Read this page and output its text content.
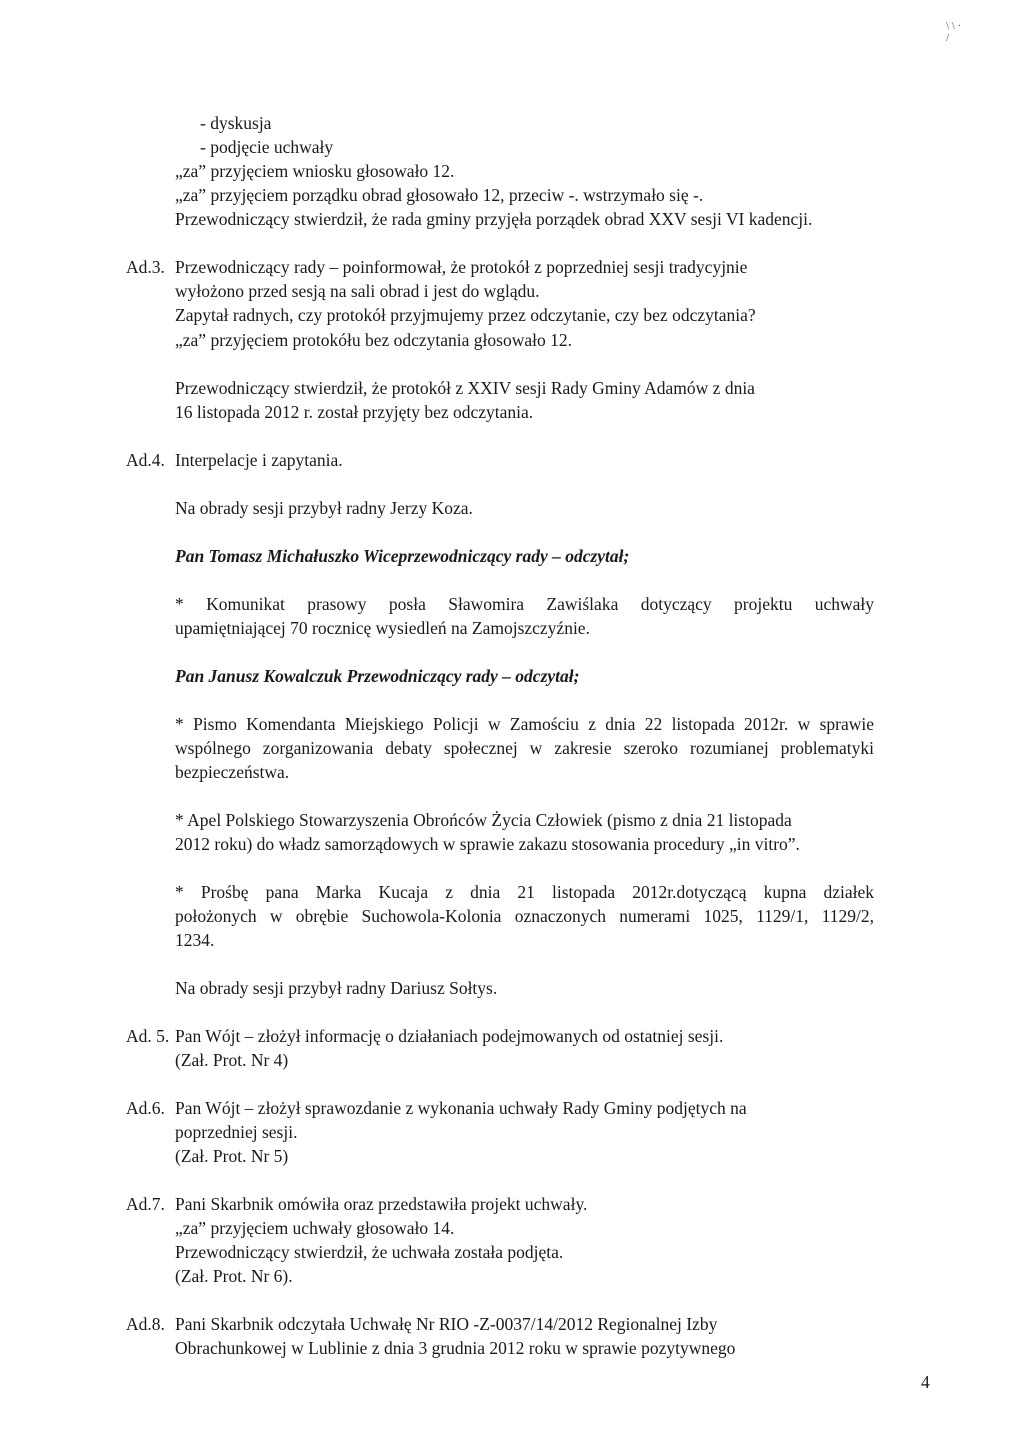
\ \ ·
/
- dyskusja
- podjęcie uchwały
„za” przyjęciem wniosku głosowało 12.
„za” przyjęciem porządku obrad głosowało 12, przeciw -. wstrzymało się -.
Przewodniczący stwierdził, że rada gminy przyjęła porządek obrad XXV sesji VI kadencji.
Ad.3. Przewodniczący rady – poinformował, że protokół z poprzedniej sesji tradycyjnie
wyłożono przed sesją na sali obrad i jest do wglądu.
Zapytał radnych, czy protokół przyjmujemy przez odczytanie, czy bez odczytania?
„za” przyjęciem protokółu bez odczytania głosowało 12.
Przewodniczący stwierdził, że protokół z XXIV sesji Rady Gminy Adamów z dnia
16 listopada 2012 r. został przyjęty bez odczytania.
Ad.4. Interpelacje i zapytania.
Na obrady sesji przybył radny Jerzy Koza.
Pan Tomasz Michałuszko Wiceprzewodniczący rady – odczytał;
* Komunikat prasowy posła Sławomira Zawiślaka dotyczący projektu uchwały
upamiętniającej 70 rocznicę wysiedleń na Zamojszczyźnie.
Pan Janusz Kowalczuk Przewodniczący rady – odczytał;
* Pismo Komendanta Miejskiego Policji w Zamościu z dnia 22 listopada 2012r. w sprawie
wspólnego zorganizowania debaty społecznej w zakresie szeroko rozumianej problematyki
bezpieczeństwa.
* Apel Polskiego Stowarzyszenia Obrońców Życia Człowiek (pismo z dnia 21 listopada
2012 roku) do władz samorządowych w sprawie zakazu stosowania procedury „in vitro”.
* Prośbę pana Marka Kucaja z dnia 21 listopada 2012r.dotyczącą kupna działek
położonych w obrębie Suchowola-Kolonia oznaczonych numerami 1025, 1129/1, 1129/2,
1234.
Na obrady sesji przybył radny Dariusz Sołtys.
Ad. 5. Pan Wójt – złożył informację o działaniach podejmowanych od ostatniej sesji.
(Zał. Prot. Nr 4)
Ad.6. Pan Wójt – złożył sprawozdanie z wykonania uchwały Rady Gminy podjętych na
poprzedniej sesji.
(Zał. Prot. Nr 5)
Ad.7. Pani Skarbnik omówiła oraz przedstawiła projekt uchwały.
„za” przyjęciem uchwały głosowało 14.
Przewodniczący stwierdził, że uchwała została podjęta.
(Zał. Prot. Nr 6).
Ad.8. Pani Skarbnik odczytała Uchwałę Nr RIO -Z-0037/14/2012 Regionalnej Izby
Obrachunkowej w Lublinie z dnia 3 grudnia 2012 roku w sprawie pozytywnego
4
